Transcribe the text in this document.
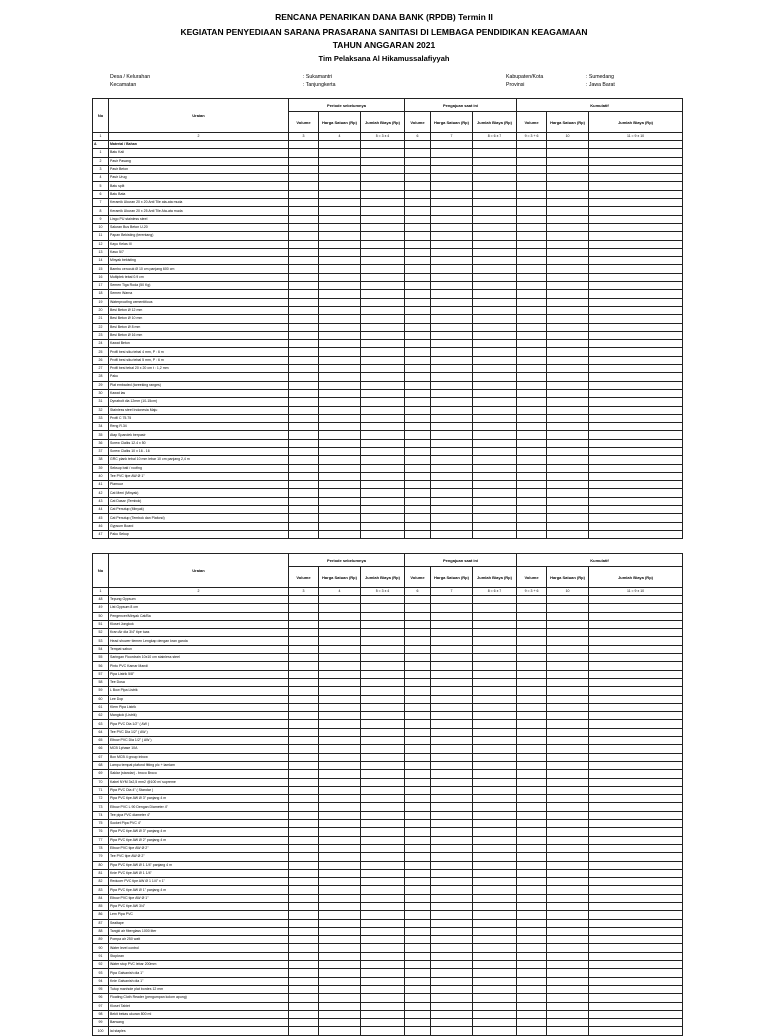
RENCANA PENARIKAN DANA BANK (RPDB) Termin II
KEGIATAN PENYEDIAAN SARANA PRASARANA SANITASI DI LEMBAGA PENDIDIKAN KEAGAMAAN
TAHUN ANGGARAN 2021
Tim Pelaksana Al Hikamussalafiyyah
Desa / Kelurahan
Kecamatan
: Sukamantri
: Tanjungkerta
Kabupaten/Kota
Provinsi
: Sumedang
: Jawa Barat
No	Uraian	Periode sebelumnya			Pengajuan saat ini			Kumulatif		
		Volume	Harga Satuan (Rp)	Jumlah Biaya (Rp)	Volume	Harga Satuan (Rp)	Jumlah Biaya (Rp)	Volume	Harga Satuan (Rp)	Jumlah Biaya (Rp)
1	2	3	4	5 = 3 x 4	6	7	8 = 6 x 7	9 = 3 + 6	10	11 = 9 x 10
A	Material / Bahan									
1	Batu Kali									
2	Pasir Pasang									
3	Pasir Beton									
4	Pasir Urug									
5	Batu split									
6	Batu Bata									
7	Keramik Ukuran 20 x 20 Anti Tile ata-ata muda									
8	Keramik Ukuran 20 x 25 Anti Tile Ata-ata muda									
9	Lingo PU stainless steel									
10	Saluran Bus Beton U-20									
11	Papan Bekisting (terentang)									
12	Kayu Kelas III									
13	Kaso 5/7									
14	Minyak bekisting									
15	Bambu cerucuk Ø 10 cm panjang 600 cm									
16	Multiplek tebal 0.9 cm									
17	Semen Tiga Roda (50 Kg)									
18	Semen Warna									
19	Waterproofing cementitious									
20	Besi Beton Ø 12 mm									
21	Besi Beton Ø 10 mm									
22	Besi Beton Ø 8 mm									
23	Besi Beton Ø 16 mm									
24	Kawat Beton									
25	Profil besi siku tebal 4 mm, P : 6 m									
26	Profil besi siku tebal 5 mm, P : 6 m									
27	Profil besi tebal 20 x 20 cm t : 1,2 mm									
28	Paku									
29	Plat embaded (toreeking ranges)									
30	Kawat las									
31	Dynabolt dia 12mm (10-15cm)									
32	Stainless steel Indonesia Maju									
33	Profil C 75.75									
34	Reng R.34									
35	Atap Spandek berpasir									
36	Screw Clalks 12.4 x 50									
37	Screw Clalks 10 x 16 - 16									
38	GRC plank tebal 10 mm lebar 10 cm panjang 2,4 m									
39	Seksup bati / roofing									
40	Tee PVC tipe AW Ø 1"									
41	Plamuur									
42	Cat Meni (Minyak)									
43	Cat Dasar (Tembok)									
44	Cat Penutup (Minyak)									
45	Cat Penutup (Tembok dan Plafond)									
46	Gypsum Board									
47	Paku Sekup									
No	Uraian	Periode sebelumnya			Pengajuan saat ini			Kumulatif		
		Volume	Harga Satuan (Rp)	Jumlah Biaya (Rp)	Volume	Harga Satuan (Rp)	Jumlah Biaya (Rp)	Volume	Harga Satuan (Rp)	Jumlah Biaya (Rp)
1	2	3	4	5 = 3 x 4	6	7	8 = 6 x 7	9 = 3 + 6	10	11 = 9 x 10
48	Tepung Gypsum									
49	List Gypsum 8 cm									
50	Pengencer/Minyak Cat/Ba									
51	Kloset Jongkok									
52	Kran Air dia 3/4" tipe tuas									
53	Head shower tiemen Lengkap dengan kran ganda									
54	Tempat sabun									
55	Saringan Floordrain 10x10 cm stainless steel									
56	Pintu PVC Kamar Mandi									
57	Pipa Listrik 5/8"									
58	Tee Dosa									
59	L Bow Pipa Listrik									
60	Lee Dop									
61	Klem Pipa Listrik									
62	Mangkok (Listrik)									
63	Pipa PVC Dia 1/2" ( AW )									
64	Tee PVC Dia 1/2" ( AW )									
65	Elbow PVC Dia 1/2" ( AW )									
66	MCB 1phase 10A									
67	Box MCB 4 group inbow									
68	Lampu tempat plafond fitting plc + lamlam									
69	Saklar (standar) - broco Broco									
70	Kabel NYM 3x2,5 mm2 @100 m/ supreme									
71	Pipa PVC Dia 4" ( Standar )									
72	Pipa PVC tipe AW Ø 3" panjang 4 m									
73	Elbow PVC L 90 Dengan Diameter 4"									
74	Tee pipa PVC diameter 4"									
75	Socket Pipa PVC 4"									
76	Pipa PVC tipe AW Ø 3" panjang 4 m									
77	Pipa PVC tipe AW Ø 2" panjang 4 m									
78	Elbow PVC tipe AW Ø 2"									
79	Tee PVC tipe AW Ø 2"									
80	Pipa PVC tipe AW Ø 1 1/4" panjang 4 m									
81	Knie PVC tipe AW Ø 1 1/4"									
82	Reducer PVC tipe AW Ø 1 1/4" x 1"									
83	Pipa PVC tipe AW Ø 1" panjang 4 m									
84	Elbow PVC tipe AW Ø 1"									
85	Pipa PVC tipe AW 3/4"									
86	Lem Pipa PVC									
87	Sealtape									
88	Tangki air fiberglass 1000 liter									
89	Pompa air 250 watt									
90	Water level control									
91	Stopkran									
92	Water stop PVC lebar 200mm									
93	Pipa Galvanish dia 1"									
94	Knie Galvanish dia 1"									
95	Tutup manhole plat bordes 12 mm									
96	Floating Cloth Reader (pengumpan kolom apung)									
97	Kloset Tabiet									
98	Bekit bekas ukuran 800 ml									
99	Barwang									
100	lai staples									
